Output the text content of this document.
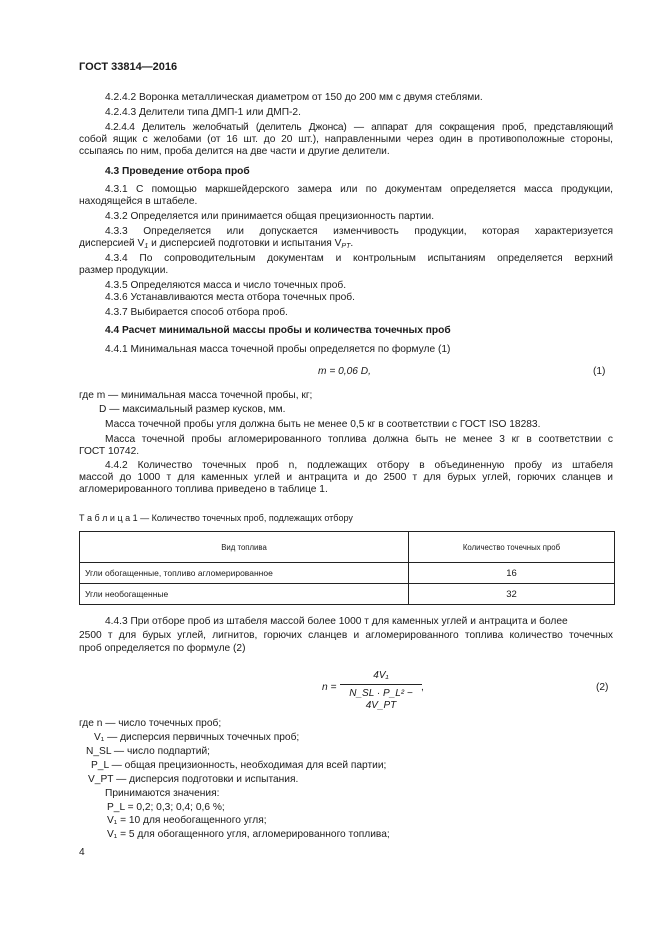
ГОСТ 33814—2016
4.2.4.2 Воронка металлическая диаметром от 150 до 200 мм с двумя стеблями.
4.2.4.3 Делители типа ДМП-1 или ДМП-2.
4.2.4.4 Делитель желобчатый (делитель Джонса) — аппарат для сокращения проб, представляющий
собой ящик с желобами (от 16 шт. до 20 шт.), направленными через один в противоположные стороны,
ссыпаясь по ним, проба делится на две части и другие делители.
4.3 Проведение отбора проб
4.3.1 С помощью маркшейдерского замера или по документам определяется масса продукции,
находящейся в штабеле.
4.3.2 Определяется или принимается общая прецизионность партии.
4.3.3 Определяется или допускается изменчивость продукции, которая характеризуется
дисперсией $V_1$ и дисперсией подготовки и испытания $V_{PT}$.
4.3.4 По сопроводительным документам и контрольным испытаниям определяется верхний
размер продукции.
4.3.5 Определяются масса и число точечных проб.
4.3.6 Устанавливаются места отбора точечных проб.
4.3.7 Выбирается способ отбора проб.
4.4 Расчет минимальной массы пробы и количества точечных проб
4.4.1 Минимальная масса точечной пробы определяется по формуле (1)
m = 0,06 D,	(1)
где m — минимальная масса точечной пробы, кг;
D — максимальный размер кусков, мм.
Масса точечной пробы угля должна быть не менее 0,5 кг в соответствии с ГОСТ ISO 18283.
Масса точечной пробы агломерированного топлива должна быть не менее 3 кг в соответствии с
ГОСТ 10742.
4.4.2 Количество точечных проб n, подлежащих отбору в объединенную пробу из штабеля
массой до 1000 т для каменных углей и антрацита и до 2500 т для бурых углей, горючих сланцев и
агломерированного топлива приведено в таблице 1.
Т а б л и ц а 1 — Количество точечных проб, подлежащих отбору
Вид топлива	Количество точечных проб
Угли обогащенные, топливо агломерированное	16
Угли необогащенные	32
4.4.3 При отборе проб из штабеля массой более 1000 т для каменных углей и антрацита и более
2500 т для бурых углей, лигнитов, горючих сланцев и агломерированного топлива количество точечных
проб определяется по формуле (2)
n =
4V₁
N_SL · P_L² − 4V_PT
,	(2)
где n — число точечных проб;
V₁ — дисперсия первичных точечных проб;
N_SL — число подпартий;
P_L — общая прецизионность, необходимая для всей партии;
V_PT — дисперсия подготовки и испытания.
Принимаются значения:
P_L = 0,2; 0,3; 0,4; 0,6 %;
V₁ = 10 для необогащенного угля;
V₁ = 5 для обогащенного угля, агломерированного топлива;
4
